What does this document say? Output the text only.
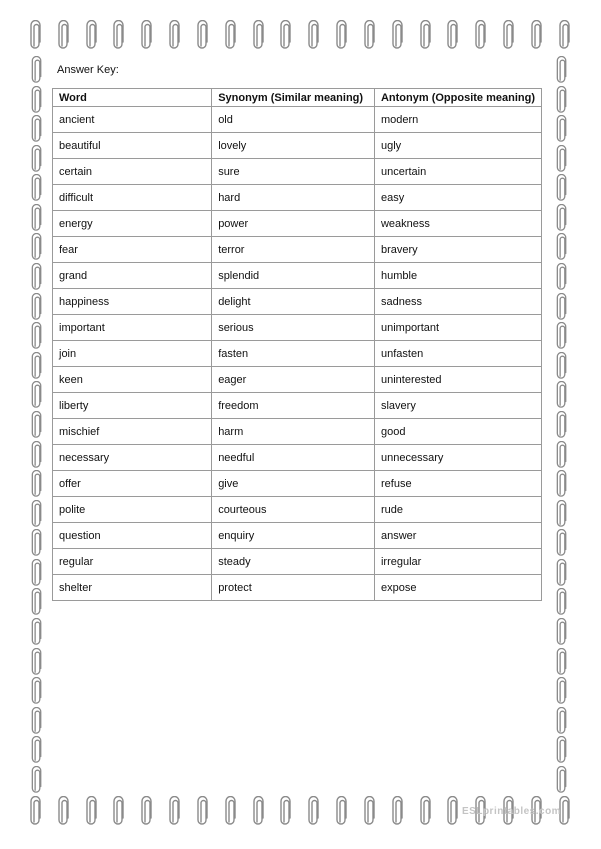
Answer Key:
Word	Synonym (Similar meaning)	Antonym (Opposite meaning)
ancient	old	modern
beautiful	lovely	ugly
certain	sure	uncertain
difficult	hard	easy
energy	power	weakness
fear	terror	bravery
grand	splendid	humble
happiness	delight	sadness
important	serious	unimportant
join	fasten	unfasten
keen	eager	uninterested
liberty	freedom	slavery
mischief	harm	good
necessary	needful	unnecessary
offer	give	refuse
polite	courteous	rude
question	enquiry	answer
regular	steady	irregular
shelter	protect	expose
ESLprintables.com
